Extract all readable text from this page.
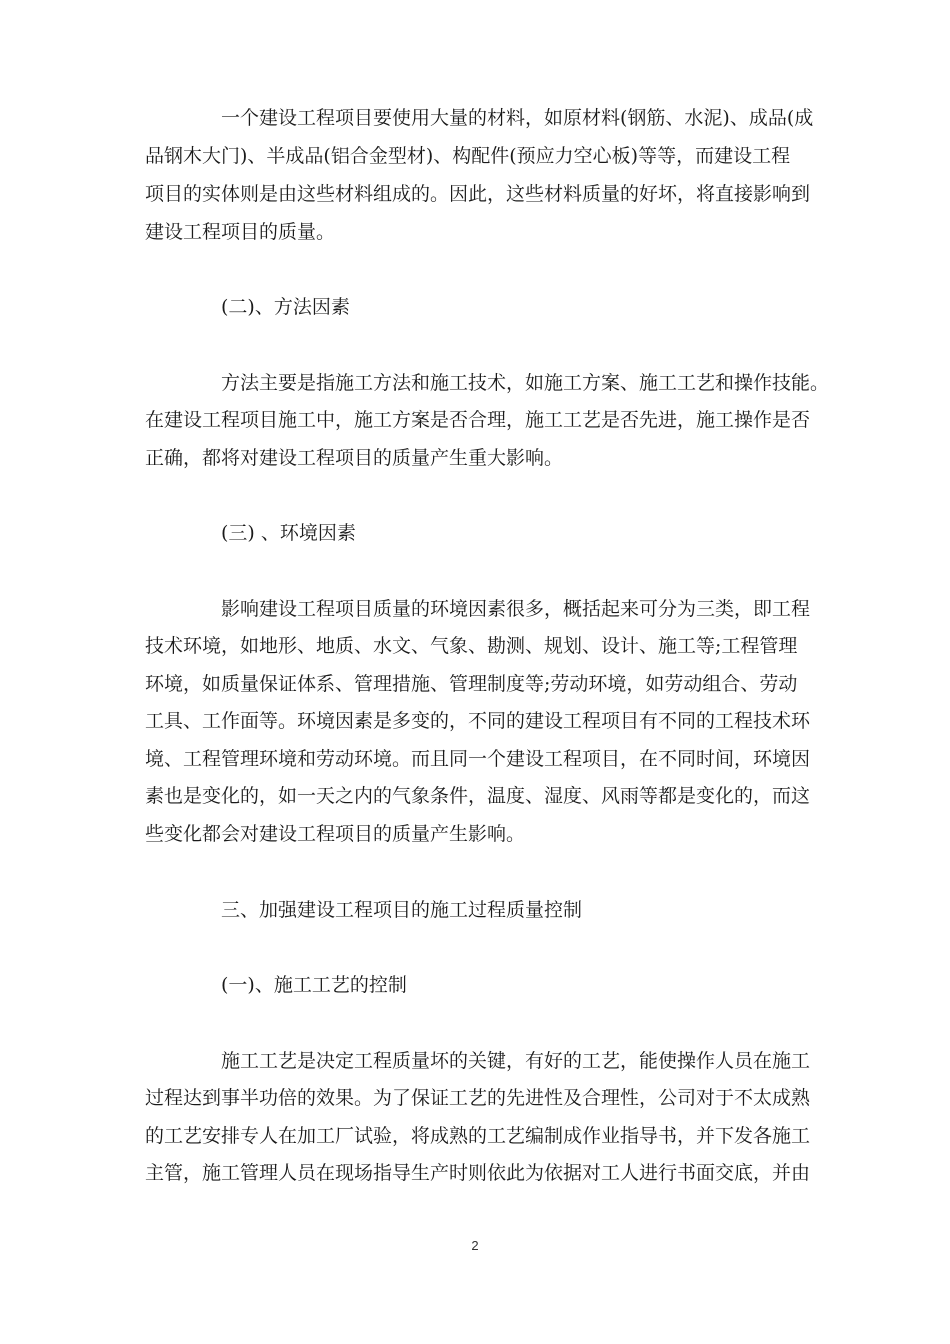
一个建设工程项目要使用大量的材料，如原材料(钢筋、水泥)、成品(成
品钢木大门)、半成品(铝合金型材)、构配件(预应力空心板)等等，而建设工程
项目的实体则是由这些材料组成的。因此，这些材料质量的好坏，将直接影响到
建设工程项目的质量。
(二)、方法因素
方法主要是指施工方法和施工技术，如施工方案、施工工艺和操作技能。
在建设工程项目施工中，施工方案是否合理，施工工艺是否先进，施工操作是否
正确，都将对建设工程项目的质量产生重大影响。
(三) 、环境因素
影响建设工程项目质量的环境因素很多，概括起来可分为三类，即工程
技术环境，如地形、地质、水文、气象、勘测、规划、设计、施工等;工程管理
环境，如质量保证体系、管理措施、管理制度等;劳动环境，如劳动组合、劳动
工具、工作面等。环境因素是多变的，不同的建设工程项目有不同的工程技术环
境、工程管理环境和劳动环境。而且同一个建设工程项目，在不同时间，环境因
素也是变化的，如一天之内的气象条件，温度、湿度、风雨等都是变化的，而这
些变化都会对建设工程项目的质量产生影响。
三、加强建设工程项目的施工过程质量控制
(一)、施工工艺的控制
施工工艺是决定工程质量坏的关键，有好的工艺，能使操作人员在施工
过程达到事半功倍的效果。为了保证工艺的先进性及合理性，公司对于不太成熟
的工艺安排专人在加工厂试验，将成熟的工艺编制成作业指导书，并下发各施工
主管，施工管理人员在现场指导生产时则依此为依据对工人进行书面交底，并由
2
